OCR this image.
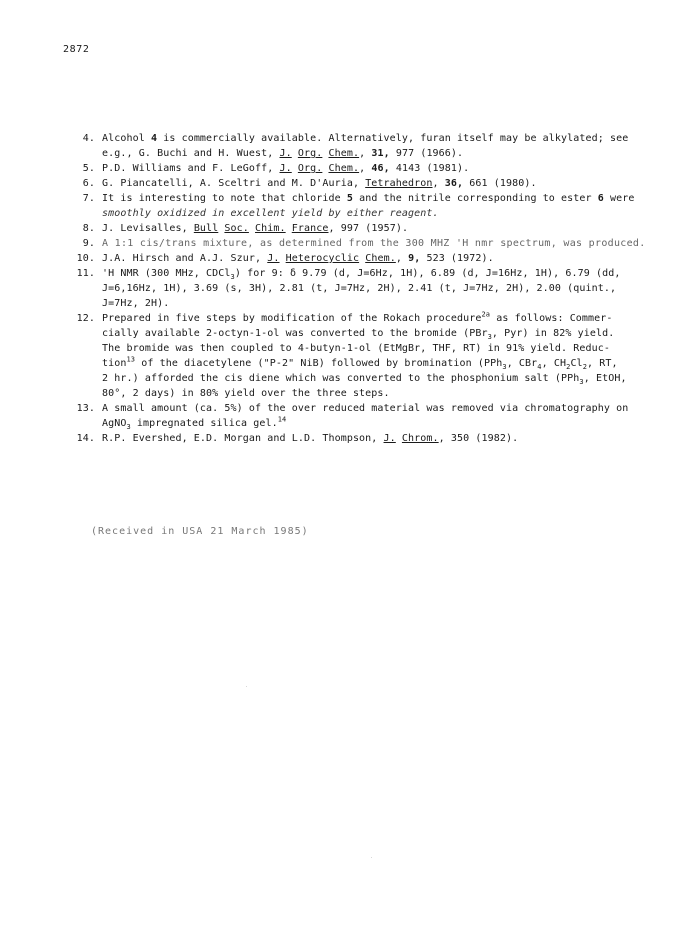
2872
4. Alcohol 4 is commercially available. Alternatively, furan itself may be alkylated; see
e.g., G. Buchi and H. Wuest, J. Org. Chem., 31, 977 (1966).
5. P.D. Williams and F. LeGoff, J. Org. Chem., 46, 4143 (1981).
6. G. Piancatelli, A. Sceltri and M. D'Auria, Tetrahedron, 36, 661 (1980).
7. It is interesting to note that chloride 5 and the nitrile corresponding to ester 6 were
smoothly oxidized in excellent yield by either reagent.
8. J. Levisalles, Bull Soc. Chim. France, 997 (1957).
9. A 1:1 cis/trans mixture, as determined from the 300 MHZ 'H nmr spectrum, was produced.
10. J.A. Hirsch and A.J. Szur, J. Heterocyclic Chem., 9, 523 (1972).
11. 'H NMR (300 MHz, CDCl$_3$) for 9: δ 9.79 (d, J=6Hz, 1H), 6.89 (d, J=16Hz, 1H), 6.79 (dd,
J=6,16Hz, 1H), 3.69 (s, 3H), 2.81 (t, J=7Hz, 2H), 2.41 (t, J=7Hz, 2H), 2.00 (quint.,
J=7Hz, 2H).
12. Prepared in five steps by modification of the Rokach procedure$^{2a}$ as follows: Commer-
cially available 2-octyn-1-ol was converted to the bromide (PBr$_3$, Pyr) in 82% yield.
The bromide was then coupled to 4-butyn-1-ol (EtMgBr, THF, RT) in 91% yield. Reduc-
tion$^{13}$ of the diacetylene ("P-2" NiB) followed by bromination (PPh$_3$, CBr$_4$, $CH_2Cl_2$, RT,
2 hr.) afforded the cis diene which was converted to the phosphonium salt (PPh$_3$, EtOH,
80°, 2 days) in 80% yield over the three steps.
13. A small amount (ca. 5%) of the over reduced material was removed via chromatography on
AgNO$_3$ impregnated silica gel.$^{14}$
14. R.P. Evershed, E.D. Morgan and L.D. Thompson, J. Chrom., 350 (1982).
(Received in USA 21 March 1985)
